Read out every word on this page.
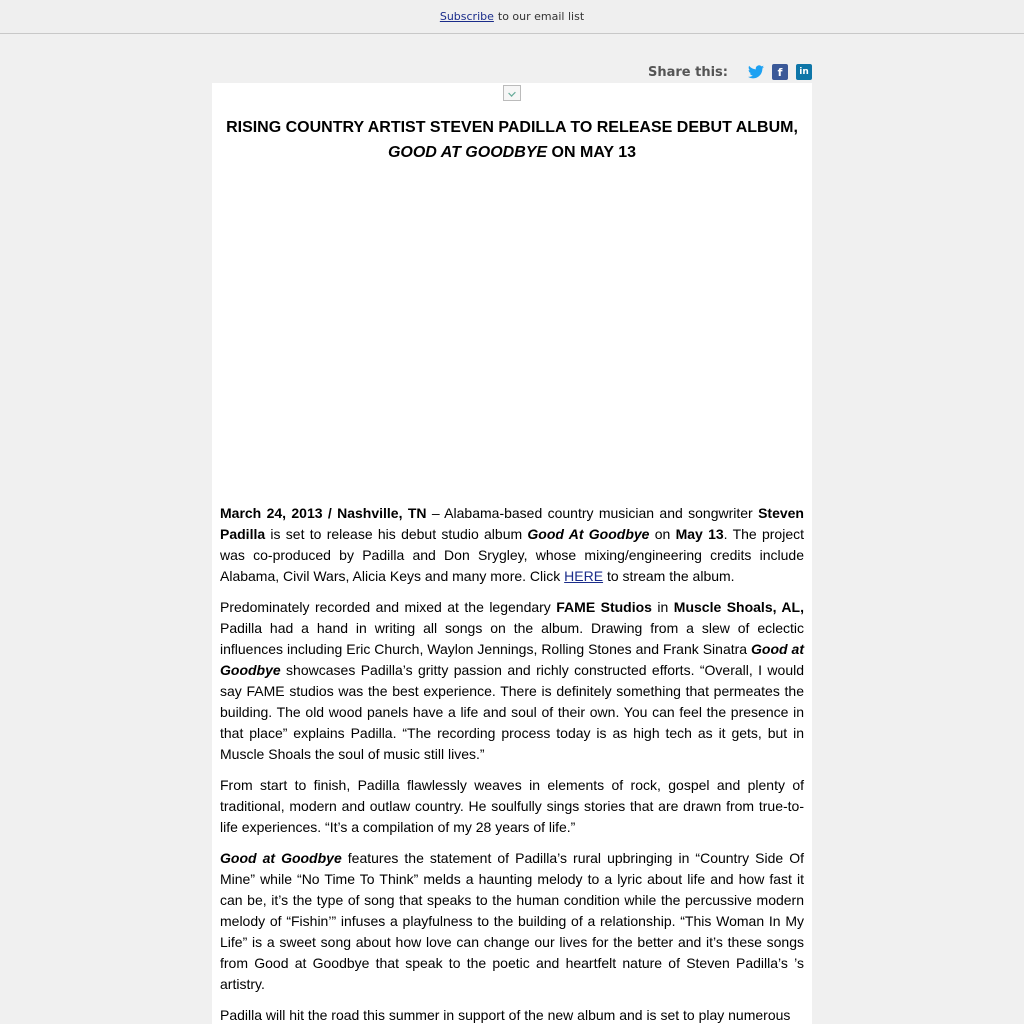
Subscribe to our email list
Share this:	f	in
RISING COUNTRY ARTIST STEVEN PADILLA TO RELEASE DEBUT ALBUM,
GOOD AT GOODBYE ON MAY 13

March 24, 2013 / Nashville, TN – Alabama-based country musician and songwriter Steven Padilla is set to release his debut studio album Good At Goodbye on May 13. The project was co-produced by Padilla and Don Srygley, whose mixing/engineering credits include Alabama, Civil Wars, Alicia Keys and many more. Click HERE to stream the album.

Predominately recorded and mixed at the legendary FAME Studios in Muscle Shoals, AL, Padilla had a hand in writing all songs on the album. Drawing from a slew of eclectic influences including Eric Church, Waylon Jennings, Rolling Stones and Frank Sinatra Good at Goodbye showcases Padilla’s gritty passion and richly constructed efforts. “Overall, I would say FAME studios was the best experience. There is definitely something that permeates the building. The old wood panels have a life and soul of their own. You can feel the presence in that place” explains Padilla. “The recording process today is as high tech as it gets, but in Muscle Shoals the soul of music still lives.”

From start to finish, Padilla flawlessly weaves in elements of rock, gospel and plenty of traditional, modern and outlaw country. He soulfully sings stories that are drawn from true-to-life experiences. “It’s a compilation of my 28 years of life.”

Good at Goodbye features the statement of Padilla’s rural upbringing in “Country Side Of Mine” while “No Time To Think” melds a haunting melody to a lyric about life and how fast it can be, it’s the type of song that speaks to the human condition while the percussive modern melody of “Fishin’” infuses a playfulness to the building of a relationship. “This Woman In My Life” is a sweet song about how love can change our lives for the better and it’s these songs from Good at Goodbye that speak to the poetic and heartfelt nature of Steven Padilla’s ’s artistry.

Padilla will hit the road this summer in support of the new album and is set to play numerous
